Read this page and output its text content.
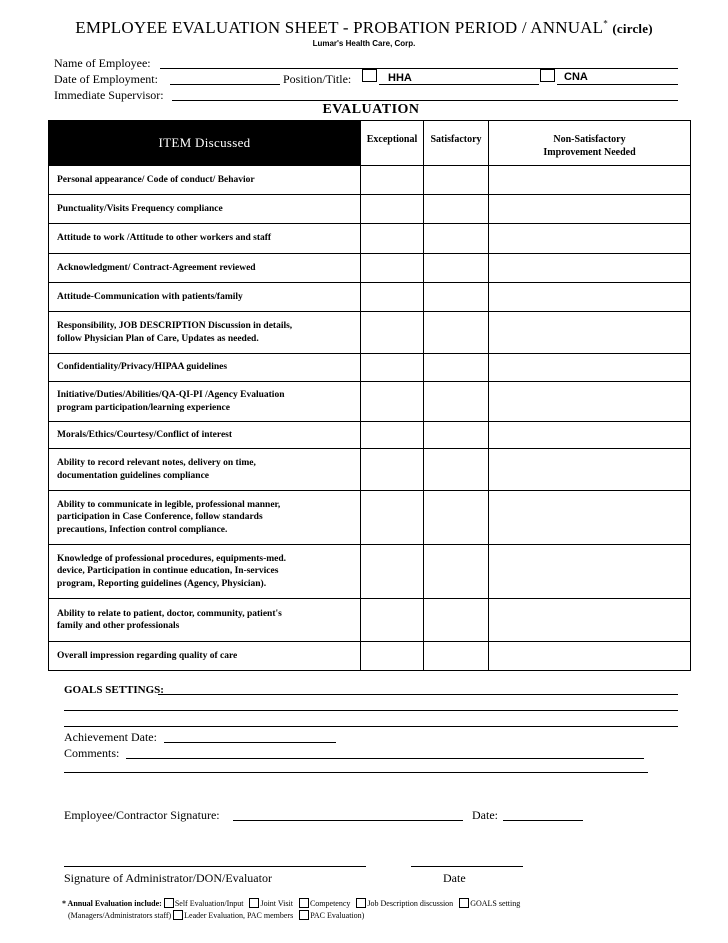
EMPLOYEE EVALUATION SHEET - PROBATION PERIOD / ANNUAL* (circle)
Lumar's Health Care, Corp.
Name of Employee:
Date of Employment:	Position/Title:	HHA	CNA
Immediate Supervisor:
EVALUATION
ITEM Discussed	Exceptional	Satisfactory	Non-Satisfactory
Improvement Needed

Personal appearance/ Code of conduct/ Behavior			

Punctuality/Visits Frequency compliance			

Attitude to work /Attitude to other workers and staff			

Acknowledgment/ Contract-Agreement reviewed			

Attitude-Communication with patients/family			

Responsibility, JOB DESCRIPTION Discussion in details,
follow Physician Plan of Care, Updates as needed.			

Confidentiality/Privacy/HIPAA guidelines			

Initiative/Duties/Abilities/QA-QI-PI /Agency Evaluation
program participation/learning experience			

Morals/Ethics/Courtesy/Conflict of interest			

Ability to record relevant notes, delivery on time,
documentation guidelines compliance			

Ability to communicate in legible, professional manner,
participation in Case Conference, follow standards
precautions, Infection control compliance.			

Knowledge of professional procedures, equipments-med.
device, Participation in continue education, In-services
program, Reporting guidelines (Agency, Physician).			

Ability to relate to patient, doctor, community, patient's
family and other professionals			

Overall impression regarding quality of care			

GOALS SETTINGS:
Achievement Date:
Comments:
Employee/Contractor Signature:	Date:
Signature of Administrator/DON/Evaluator	Date
* Annual Evaluation include: Self Evaluation/Input Joint Visit Competency Job Description discussion GOALS setting
(Managers/Administrators staff) Leader Evaluation, PAC members PAC Evaluation)
